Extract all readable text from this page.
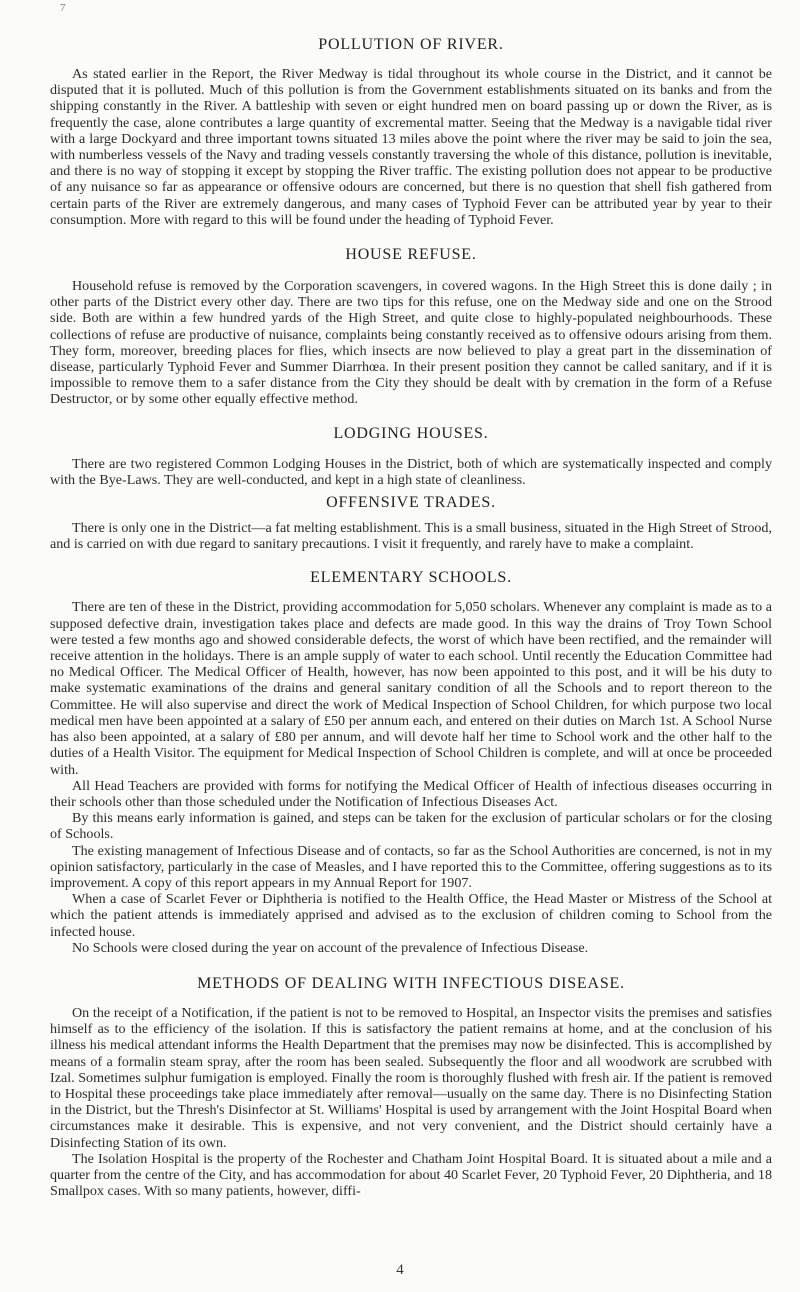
7
POLLUTION OF RIVER.

As stated earlier in the Report, the River Medway is tidal throughout its whole course in the District, and it cannot be disputed that it is polluted. Much of this pollution is from the Government establishments situated on its banks and from the shipping constantly in the River. A battleship with seven or eight hundred men on board passing up or down the River, as is frequently the case, alone contributes a large quantity of excremental matter. Seeing that the Medway is a navigable tidal river with a large Dockyard and three important towns situated 13 miles above the point where the river may be said to join the sea, with numberless vessels of the Navy and trading vessels constantly traversing the whole of this distance, pollution is inevitable, and there is no way of stopping it except by stopping the River traffic. The existing pollution does not appear to be productive of any nuisance so far as appearance or offensive odours are concerned, but there is no question that shell fish gathered from certain parts of the River are extremely dangerous, and many cases of Typhoid Fever can be attributed year by year to their consumption. More with regard to this will be found under the heading of Typhoid Fever.

HOUSE REFUSE.

Household refuse is removed by the Corporation scavengers, in covered wagons. In the High Street this is done daily ; in other parts of the District every other day. There are two tips for this refuse, one on the Medway side and one on the Strood side. Both are within a few hundred yards of the High Street, and quite close to highly-populated neighbourhoods. These collections of refuse are productive of nuisance, complaints being constantly received as to offensive odours arising from them. They form, moreover, breeding places for flies, which insects are now believed to play a great part in the dissemination of disease, particularly Typhoid Fever and Summer Diarrhœa. In their present position they cannot be called sanitary, and if it is impossible to remove them to a safer distance from the City they should be dealt with by cremation in the form of a Refuse Destructor, or by some other equally effective method.

LODGING HOUSES.

There are two registered Common Lodging Houses in the District, both of which are systematically inspected and comply with the Bye-Laws. They are well-conducted, and kept in a high state of cleanliness.

OFFENSIVE TRADES.

There is only one in the District—a fat melting establishment. This is a small business, situated in the High Street of Strood, and is carried on with due regard to sanitary precautions. I visit it frequently, and rarely have to make a complaint.

ELEMENTARY SCHOOLS.

There are ten of these in the District, providing accommodation for 5,050 scholars. Whenever any complaint is made as to a supposed defective drain, investigation takes place and defects are made good. In this way the drains of Troy Town School were tested a few months ago and showed considerable defects, the worst of which have been rectified, and the remainder will receive attention in the holidays. There is an ample supply of water to each school. Until recently the Education Committee had no Medical Officer. The Medical Officer of Health, however, has now been appointed to this post, and it will be his duty to make systematic examinations of the drains and general sanitary condition of all the Schools and to report thereon to the Committee. He will also supervise and direct the work of Medical Inspection of School Children, for which purpose two local medical men have been appointed at a salary of £50 per annum each, and entered on their duties on March 1st. A School Nurse has also been appointed, at a salary of £80 per annum, and will devote half her time to School work and the other half to the duties of a Health Visitor. The equipment for Medical Inspection of School Children is complete, and will at once be proceeded with.

All Head Teachers are provided with forms for notifying the Medical Officer of Health of infectious diseases occurring in their schools other than those scheduled under the Notification of Infectious Diseases Act.

By this means early information is gained, and steps can be taken for the exclusion of particular scholars or for the closing of Schools.

The existing management of Infectious Disease and of contacts, so far as the School Authorities are concerned, is not in my opinion satisfactory, particularly in the case of Measles, and I have reported this to the Committee, offering suggestions as to its improvement. A copy of this report appears in my Annual Report for 1907.

When a case of Scarlet Fever or Diphtheria is notified to the Health Office, the Head Master or Mistress of the School at which the patient attends is immediately apprised and advised as to the exclusion of children coming to School from the infected house.

No Schools were closed during the year on account of the prevalence of Infectious Disease.

METHODS OF DEALING WITH INFECTIOUS DISEASE.

On the receipt of a Notification, if the patient is not to be removed to Hospital, an Inspector visits the premises and satisfies himself as to the efficiency of the isolation. If this is satisfactory the patient remains at home, and at the conclusion of his illness his medical attendant informs the Health Department that the premises may now be disinfected. This is accomplished by means of a formalin steam spray, after the room has been sealed. Subsequently the floor and all woodwork are scrubbed with Izal. Sometimes sulphur fumigation is employed. Finally the room is thoroughly flushed with fresh air. If the patient is removed to Hospital these proceedings take place immediately after removal—usually on the same day. There is no Disinfecting Station in the District, but the Thresh's Disinfector at St. Williams' Hospital is used by arrangement with the Joint Hospital Board when circumstances make it desirable. This is expensive, and not very convenient, and the District should certainly have a Disinfecting Station of its own.

The Isolation Hospital is the property of the Rochester and Chatham Joint Hospital Board. It is situated about a mile and a quarter from the centre of the City, and has accommodation for about 40 Scarlet Fever, 20 Typhoid Fever, 20 Diphtheria, and 18 Smallpox cases. With so many patients, however, diffi-

4
